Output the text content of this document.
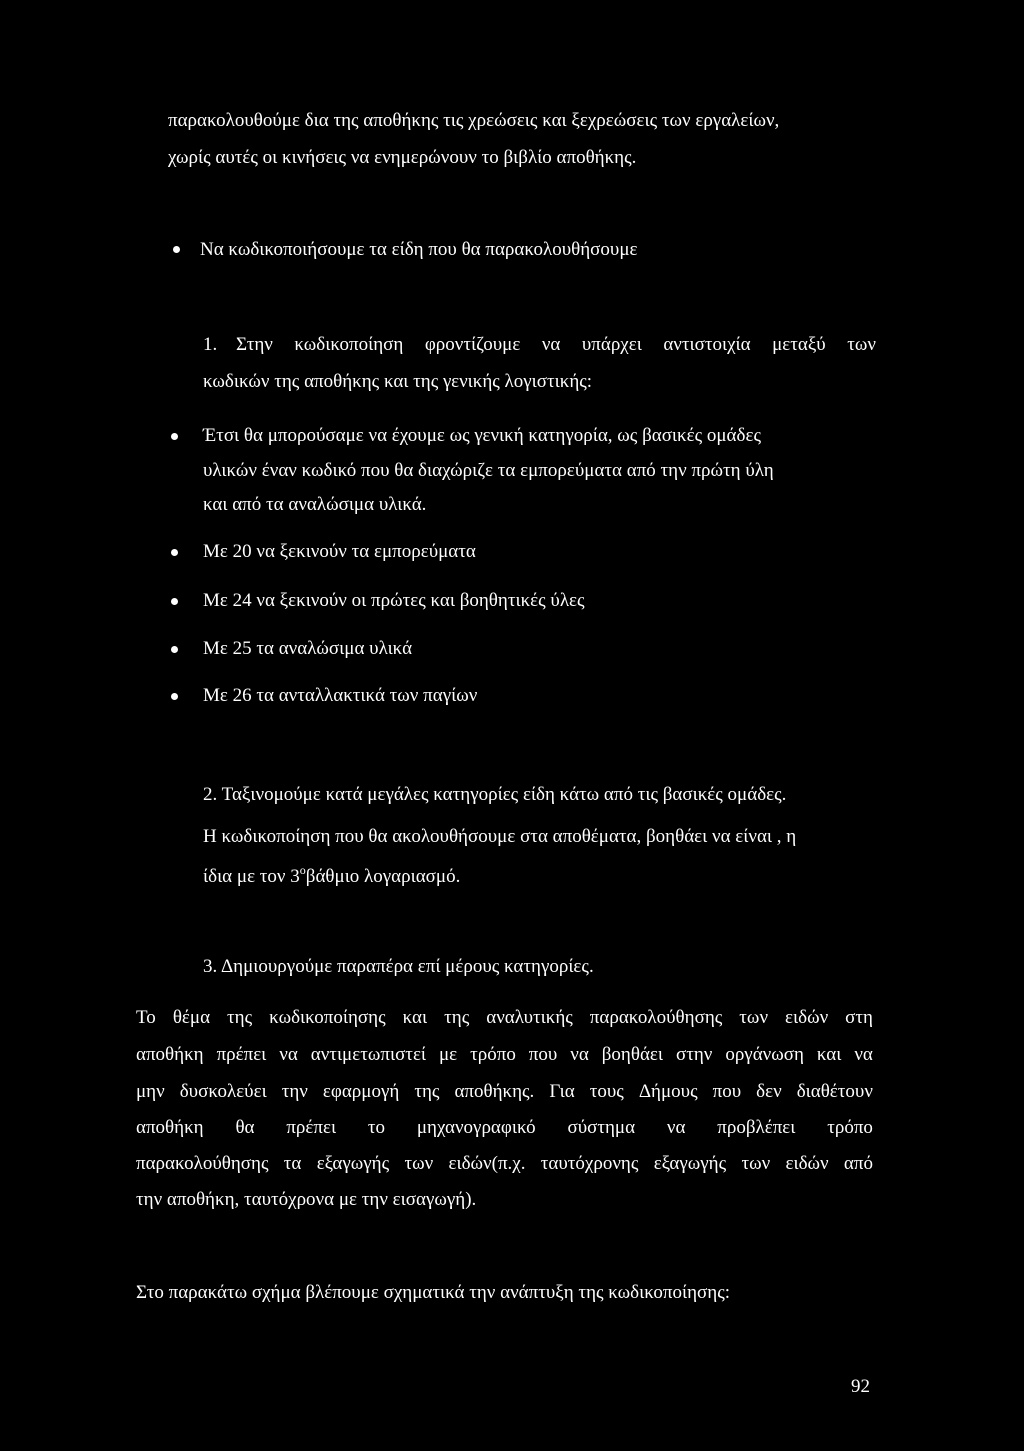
παρακολουθούμε δια της αποθήκης τις χρεώσεις και ξεχρεώσεις των εργαλείων,
χωρίς αυτές οι κινήσεις να ενημερώνουν το βιβλίο αποθήκης.
Να κωδικοποιήσουμε τα είδη που θα παρακολουθήσουμε
1. Στην κωδικοποίηση φροντίζουμε να υπάρχει αντιστοιχία μεταξύ των
κωδικών της αποθήκης και της γενικής λογιστικής:
Έτσι θα μπορούσαμε να έχουμε ως γενική κατηγορία, ως βασικές ομάδες
υλικών έναν κωδικό που θα διαχώριζε τα εμπορεύματα από την πρώτη ύλη
και από τα αναλώσιμα υλικά.
Με 20 να ξεκινούν τα εμπορεύματα
Με 24 να ξεκινούν οι πρώτες και βοηθητικές ύλες
Με 25 τα αναλώσιμα υλικά
Με 26 τα ανταλλακτικά των παγίων
2. Ταξινομούμε κατά μεγάλες κατηγορίες είδη κάτω από τις βασικές ομάδες.
Η κωδικοποίηση που θα ακολουθήσουμε στα αποθέματα, βοηθάει να είναι , η
ίδια με τον $3^o\beta ά\theta\mu\iota o$ λογαριασμό.
3. Δημιουργούμε παραπέρα επί μέρους κατηγορίες.
Το θέμα της κωδικοποίησης και της αναλυτικής παρακολούθησης των ειδών στη
αποθήκη πρέπει να αντιμετωπιστεί με τρόπο που να βοηθάει στην οργάνωση και να
μην δυσκολεύει την εφαρμογή της αποθήκης. Για τους Δήμους που δεν διαθέτουν
αποθήκη θα πρέπει το μηχανογραφικό σύστημα να προβλέπει τρόπο
παρακολούθησης τα εξαγωγής των ειδών(π.χ. ταυτόχρονης εξαγωγής των ειδών από
την αποθήκη, ταυτόχρονα με την εισαγωγή).
Στο παρακάτω σχήμα βλέπουμε σχηματικά την ανάπτυξη της κωδικοποίησης:
92
